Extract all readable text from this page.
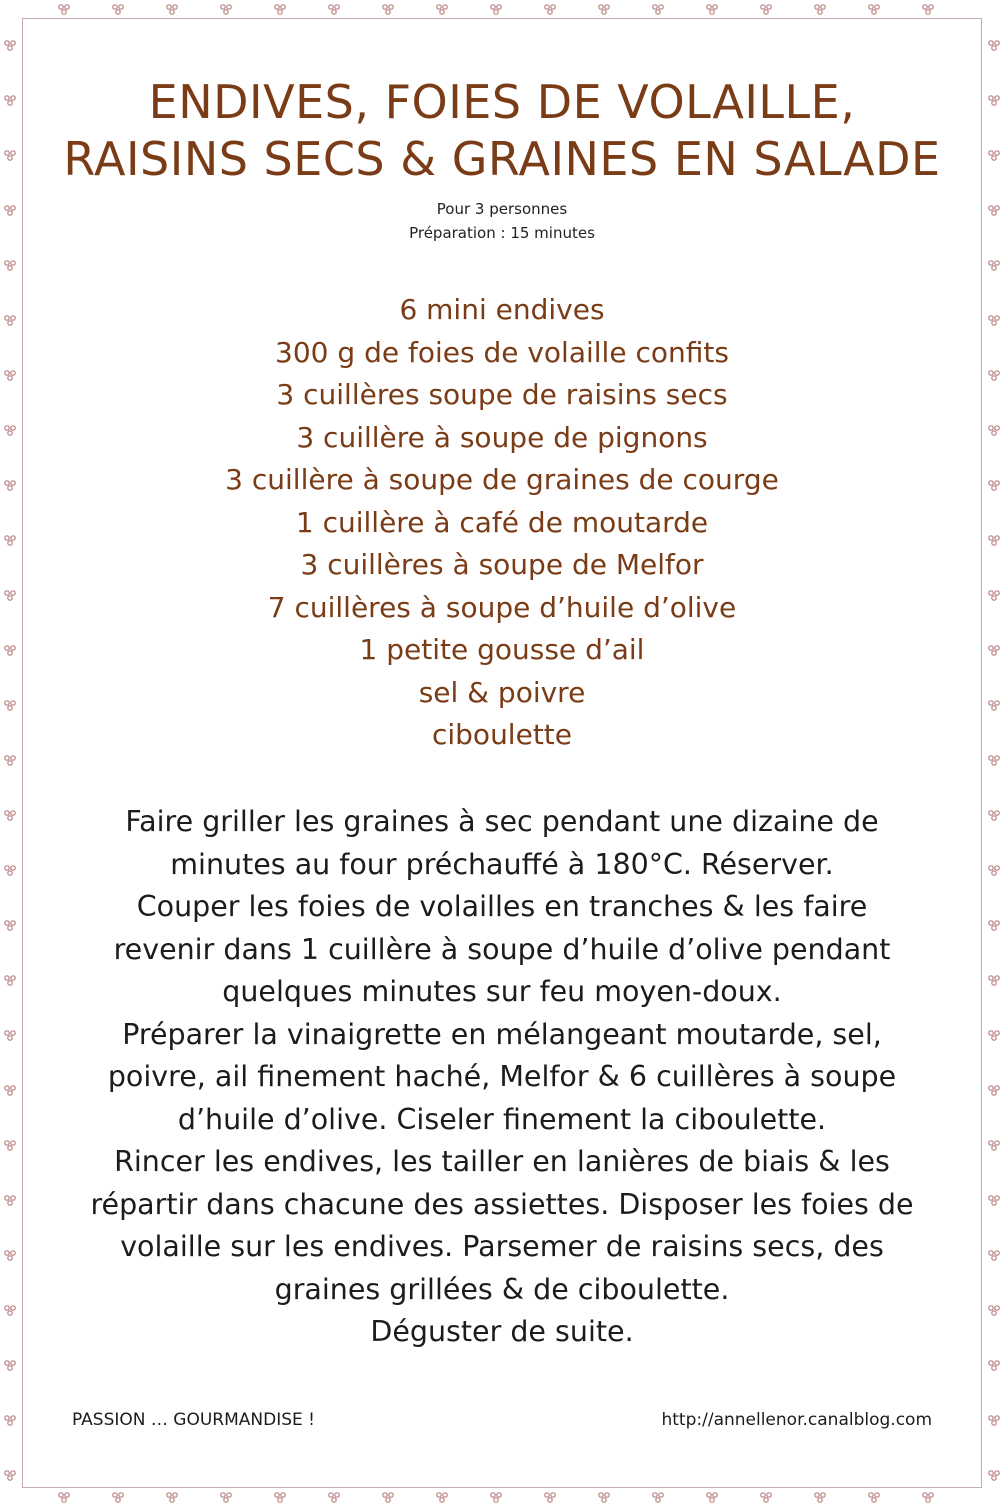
ENDIVES, FOIES DE VOLAILLE,
RAISINS SECS & GRAINES EN SALADE
Pour 3 personnes
Préparation : 15 minutes
6 mini endives
300 g de foies de volaille confits
3 cuillères soupe de raisins secs
3 cuillère à soupe de pignons
3 cuillère à soupe de graines de courge
1 cuillère à café de moutarde
3 cuillères à soupe de Melfor
7 cuillères à soupe d’huile d’olive
1 petite gousse d’ail
sel & poivre
ciboulette
Faire griller les graines à sec pendant une dizaine de
minutes au four préchauffé à 180°C. Réserver.
Couper les foies de volailles en tranches & les faire
revenir dans 1 cuillère à soupe d’huile d’olive pendant
quelques minutes sur feu moyen-doux.
Préparer la vinaigrette en mélangeant moutarde, sel,
poivre, ail finement haché, Melfor & 6 cuillères à soupe
d’huile d’olive. Ciseler finement la ciboulette.
Rincer les endives, les tailler en lanières de biais & les
répartir dans chacune des assiettes. Disposer les foies de
volaille sur les endives. Parsemer de raisins secs, des
graines grillées & de ciboulette.
Déguster de suite.
PASSION … GOURMANDISE !	http://annellenor.canalblog.com
